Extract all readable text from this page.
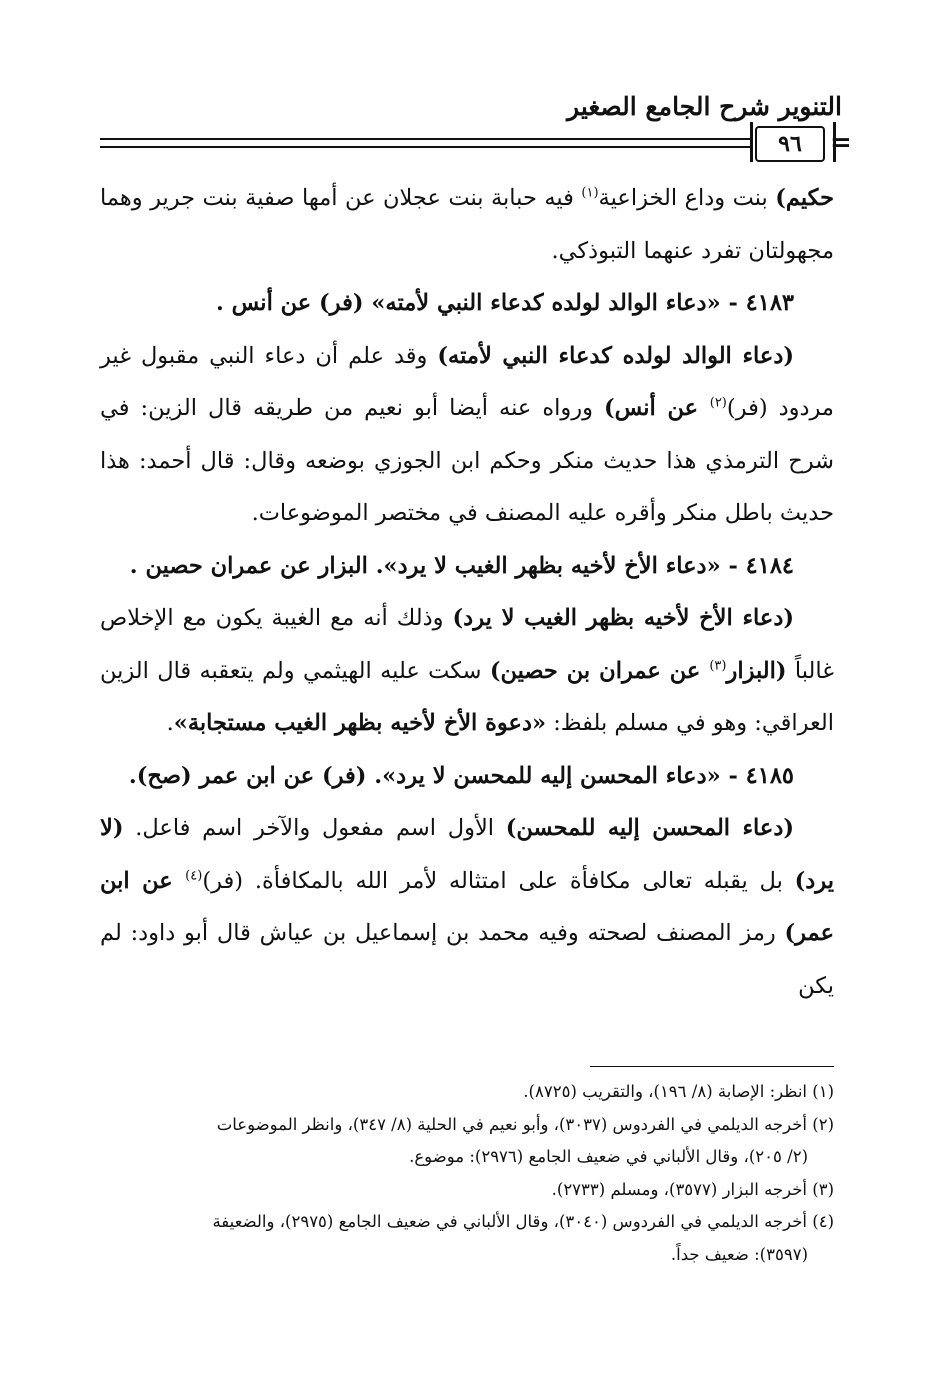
التنوير شرح الجامع الصغير
٩٦	=

حكيم) بنت وداع الخزاعية$^{(١)}$ فيه حبابة بنت عجلان عن أمها صفية بنت جرير وهما مجهولتان تفرد عنهما التبوذكي.

٤١٨٣ - «دعاء الوالد لولده كدعاء النبي لأمته» (فر) عن أنس .

(دعاء الوالد لولده كدعاء النبي لأمته) وقد علم أن دعاء النبي مقبول غير مردود (فر)$^{(٢)}$ عن أنس) ورواه عنه أيضا أبو نعيم من طريقه قال الزين: في شرح الترمذي هذا حديث منكر وحكم ابن الجوزي بوضعه وقال: قال أحمد: هذا حديث باطل منكر وأقره عليه المصنف في مختصر الموضوعات.

٤١٨٤ - «دعاء الأخ لأخيه بظهر الغيب لا يرد». البزار عن عمران حصين .

(دعاء الأخ لأخيه بظهر الغيب لا يرد) وذلك أنه مع الغيبة يكون مع الإخلاص غالباً (البزار$^{(٣)}$ عن عمران بن حصين) سكت عليه الهيثمي ولم يتعقبه قال الزين العراقي: وهو في مسلم بلفظ: «دعوة الأخ لأخيه بظهر الغيب مستجابة».

٤١٨٥ - «دعاء المحسن إليه للمحسن لا يرد». (فر) عن ابن عمر (صح).

(دعاء المحسن إليه للمحسن) الأول اسم مفعول والآخر اسم فاعل. (لا يرد) بل يقبله تعالى مكافأة على امتثاله لأمر الله بالمكافأة. (فر)$^{(٤)}$ عن ابن عمر) رمز المصنف لصحته وفيه محمد بن إسماعيل بن عياش قال أبو داود: لم يكن

(١) انظر: الإصابة (٨/ ١٩٦)، والتقريب (٨٧٢٥).

(٢) أخرجه الديلمي في الفردوس (٣٠٣٧)، وأبو نعيم في الحلية (٨/ ٣٤٧)، وانظر الموضوعات

(٢/ ٢٠٥)، وقال الألباني في ضعيف الجامع (٢٩٧٦): موضوع.

(٣) أخرجه البزار (٣٥٧٧)، ومسلم (٢٧٣٣).

(٤) أخرجه الديلمي في الفردوس (٣٠٤٠)، وقال الألباني في ضعيف الجامع (٢٩٧٥)، والضعيفة

(٣٥٩٧): ضعيف جداً.
